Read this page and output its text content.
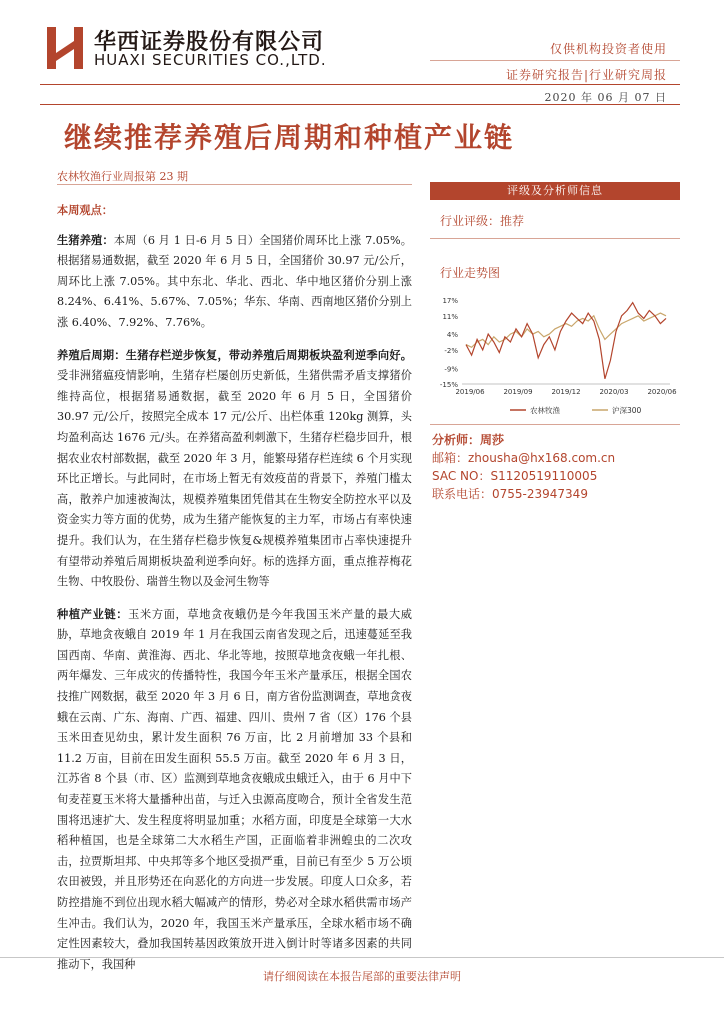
华西证券股份有限公司
HUAXI SECURITIES CO.,LTD.
仅供机构投资者使用
证券研究报告|行业研究周报
2020 年 06 月 07 日
继续推荐养殖后周期和种植产业链
农林牧渔行业周报第 23 期

本周观点：

生猪养殖：本周（6 月 1 日-6 月 5 日）全国猪价周环比上涨 7.05%。根据猪易通数据，截至 2020 年 6 月 5 日，全国猪价 30.97 元/公斤，周环比上涨 7.05%。其中东北、华北、西北、华中地区猪价分别上涨 8.24%、6.41%、5.67%、7.05%；华东、华南、西南地区猪价分别上涨 6.40%、7.92%、7.76%。

养殖后周期：生猪存栏逆步恢复，带动养殖后周期板块盈利逆季向好。受非洲猪瘟疫情影响，生猪存栏屡创历史新低，生猪供需矛盾支撑猪价维持高位，根据猪易通数据，截至 2020 年 6 月 5 日，全国猪价 30.97 元/公斤，按照完全成本 17 元/公斤、出栏体重 120kg 测算，头均盈利高达 1676 元/头。在养猪高盈利刺激下，生猪存栏稳步回升，根据农业农村部数据，截至 2020 年 3 月，能繁母猪存栏连续 6 个月实现环比正增长。与此同时，在市场上暂无有效疫苗的背景下，养殖门槛太高，散养户加速被淘汰，规模养殖集团凭借其在生物安全防控水平以及资金实力等方面的优势，成为生猪产能恢复的主力军，市场占有率快速提升。我们认为，在生猪存栏稳步恢复&规模养殖集团市占率快速提升有望带动养殖后周期板块盈利逆季向好。标的选择方面，重点推荐梅花生物、中牧股份、瑞普生物以及金河生物等

种植产业链：玉米方面，草地贪夜蛾仍是今年我国玉米产量的最大威胁，草地贪夜蛾自 2019 年 1 月在我国云南省发现之后，迅速蔓延至我国西南、华南、黄淮海、西北、华北等地，按照草地贪夜蛾一年扎根、两年爆发、三年成灾的传播特性，我国今年玉米产量承压，根据全国农技推广网数据，截至 2020 年 3 月 6 日，南方省份监测调查，草地贪夜蛾在云南、广东、海南、广西、福建、四川、贵州 7 省（区）176 个县玉米田查见幼虫，累计发生面积 76 万亩，比 2 月前增加 33 个县和 11.2 万亩，目前在田发生面积 55.5 万亩。截至 2020 年 6 月 3 日，江苏省 8 个县（市、区）监测到草地贪夜蛾成虫蛾迁入，由于 6 月中下旬麦茬夏玉米将大量播种出苗，与迁入虫源高度吻合，预计全省发生范围将迅速扩大、发生程度将明显加重；水稻方面，印度是全球第一大水稻种植国，也是全球第二大水稻生产国，正面临着非洲蝗虫的二次攻击，拉贾斯坦邦、中央邦等多个地区受损严重，目前已有至少 5 万公顷农田被毁，并且形势还在向恶化的方向进一步发展。印度人口众多，若防控措施不到位出现水稻大幅减产的情形，势必对全球水稻供需市场产生冲击。我们认为，2020 年，我国玉米产量承压，全球水稻市场不确定性因素较大，叠加我国转基因政策放开进入倒计时等诸多因素的共同推动下，我国种

评级及分析师信息
行业评级：推荐
行业走势图
17%
11%
4%
-2%
-9%
-15%
2019/06	2019/09	2019/12	2020/03	2020/06
农林牧渔	沪深300
分析师：周莎
邮箱：zhousha@hx168.com.cn
SAC NO：S1120519110005
联系电话：0755-23947349
请仔细阅读在本报告尾部的重要法律声明
